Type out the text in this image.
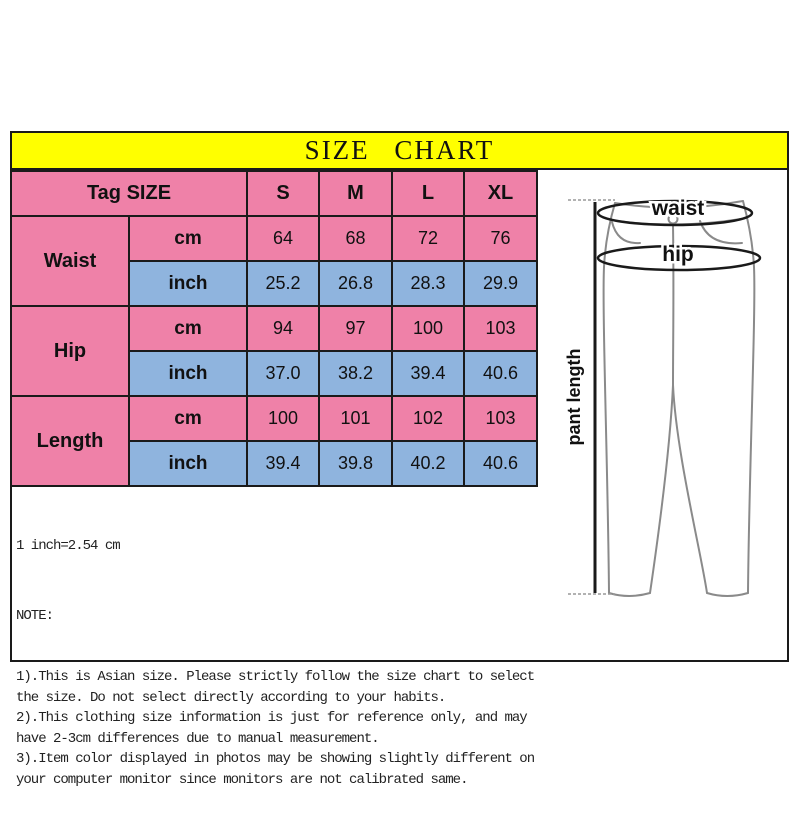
SIZE CHART
Tag SIZE		S	M	L	XL
Waist	cm	64	68	72	76
	inch	25.2	26.8	28.3	29.9
Hip	cm	94	97	100	103
	inch	37.0	38.2	39.4	40.6
Length	cm	100	101	102	103
	inch	39.4	39.8	40.2	40.6
waist
hip
pant length

1 inch=2.54 cm

NOTE:

1).This is Asian size. Please strictly follow the size chart to select
the size. Do not select directly according to your habits.
2).This clothing size information is just for reference only, and may
have 2-3cm differences due to manual measurement.
3).Item color displayed in photos may be showing slightly different on
your computer monitor since monitors are not calibrated same.
